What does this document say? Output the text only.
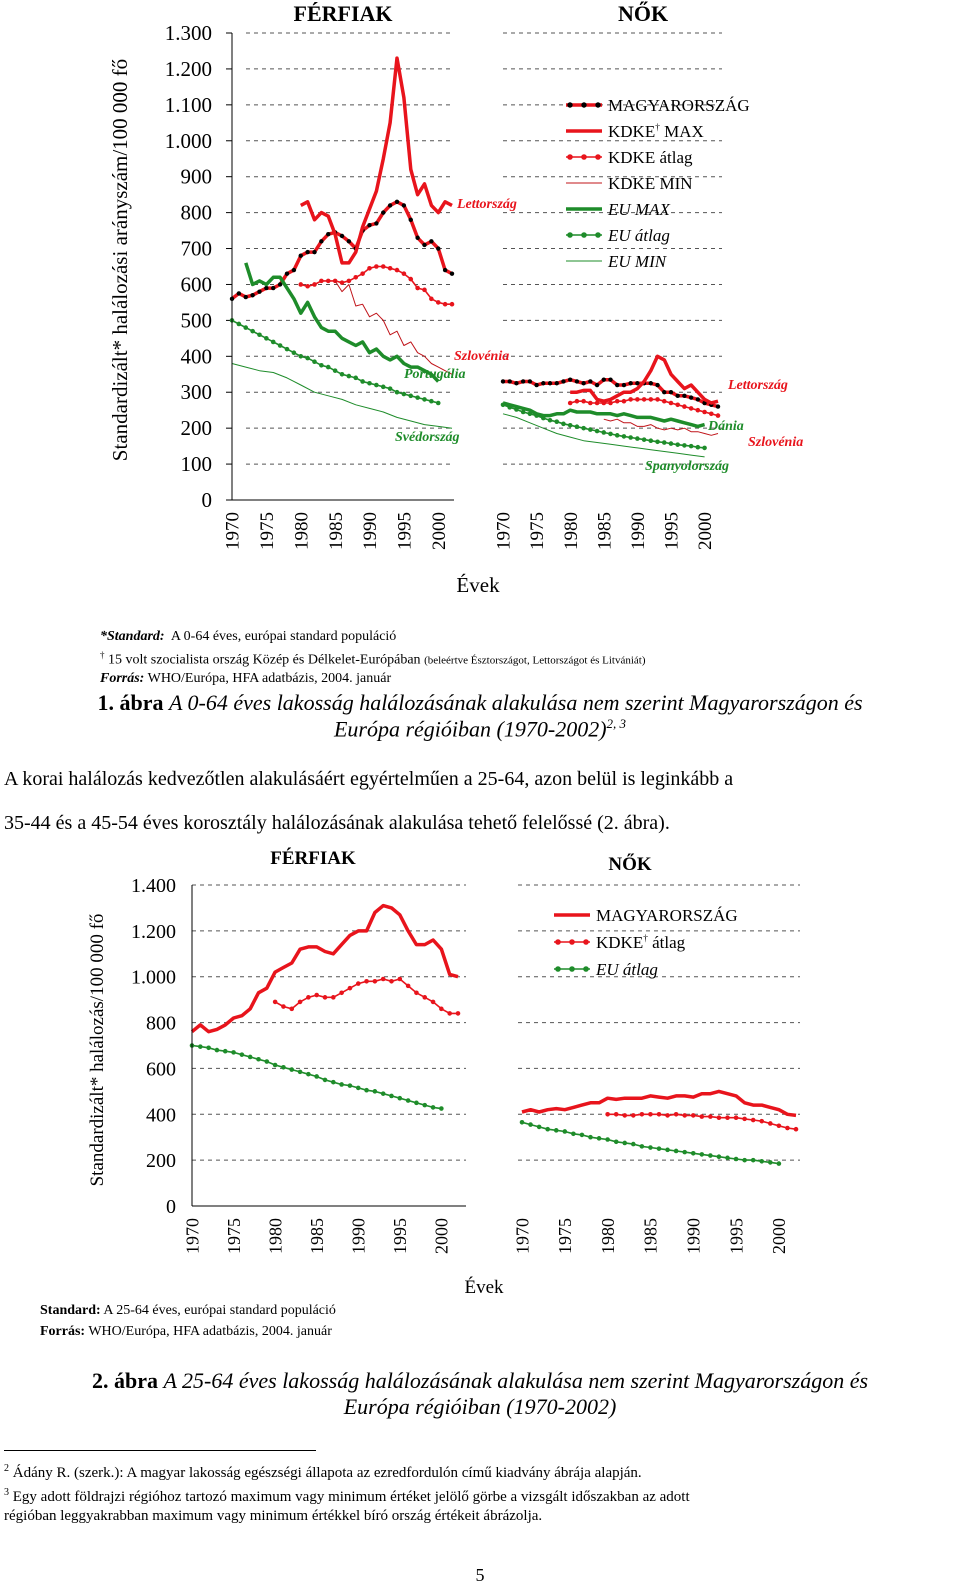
Standardizált* halálozási arányszám/100 000 fő
FÉRFIAK	NŐK
0
100
200
300
400
500
600
700
800
900
1.000
1.100
1.200
1.300
1970 1975 1980 1985 1990 1995 2000 1970 1975 1980 1985 1990 1995 2000
MAGYARORSZÁG
KDKE† MAX
KDKE átlag
KDKE MIN
EU MAX
EU átlag
EU MIN
Lettország
Szlovénia
Portugália
Svédország
Lettország
Dánia
Szlovénia
Spanyolország
Évek
*Standard: A 0-64 éves, európai standard populáció
† 15 volt szocialista ország Közép és Délkelet-Európában (beleértve Észtországot, Lettországot és Litvániát)
Forrás: WHO/Európa, HFA adatbázis, 2004. január
1. ábra A 0-64 éves lakosság halálozásának alakulása nem szerint Magyarországon és
Európa régióiban (1970-2002)$^{2, 3}$
A korai halálozás kedvezőtlen alakulásáért egyértelműen a 25-64, azon belül is leginkább a
35-44 és a 45-54 éves korosztály halálozásának alakulása tehető felelőssé (2. ábra).
Standardizált* halálozás/100 000 fő
FÉRFIAK	NŐK
0
200
400
600
800
1.000
1.200
1.400
1970 1975 1980 1985 1990 1995 2000	1970 1975 1980 1985 1990 1995 2000
MAGYARORSZÁG
KDKE† átlag
EU átlag
Évek
Standard: A 25-64 éves, európai standard populáció
Forrás: WHO/Európa, HFA adatbázis, 2004. január
2. ábra A 25-64 éves lakosság halálozásának alakulása nem szerint Magyarországon és
Európa régióiban (1970-2002)
$^2$ Ádány R. (szerk.): A magyar lakosság egészségi állapota az ezredfordulón című kiadvány ábrája alapján.
$^3$ Egy adott földrajzi régióhoz tartozó maximum vagy minimum értéket jelölő görbe a vizsgált időszakban az adott
régióban leggyakrabban maximum vagy minimum értékkel bíró ország értékeit ábrázolja.
5
